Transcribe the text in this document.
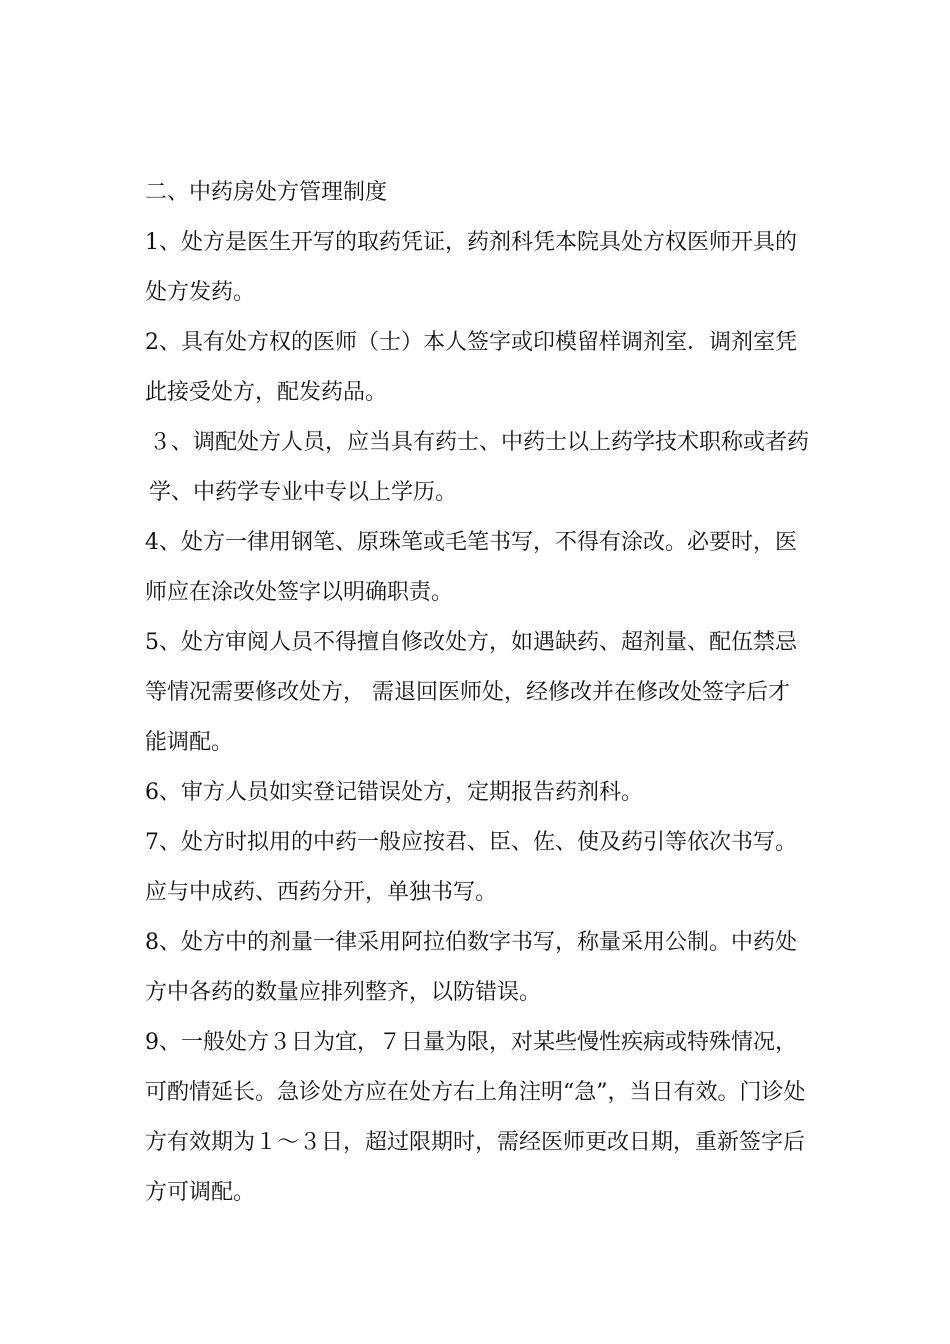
二、中药房处方管理制度

1、处方是医生开写的取药凭证，药剂科凭本院具处方权医师开具的处方发药。

2、具有处方权的医师（士）本人签字或印模留样调剂室．调剂室凭此接受处方，配发药品。

３、调配处方人员，应当具有药士、中药士以上药学技术职称或者药学、中药学专业中专以上学历。

4、处方一律用钢笔、原珠笔或毛笔书写，不得有涂改。必要时，医师应在涂改处签字以明确职责。

5、处方审阅人员不得擅自修改处方，如遇缺药、超剂量、配伍禁忌等情况需要修改处方， 需退回医师处，经修改并在修改处签字后才能调配。

6、审方人员如实登记错误处方，定期报告药剂科。

7、处方时拟用的中药一般应按君、臣、佐、使及药引等依次书写。应与中成药、西药分开，单独书写。

8、处方中的剂量一律采用阿拉伯数字书写，称量采用公制。中药处方中各药的数量应排列整齐，以防错误。

9、一般处方３日为宜，７日量为限，对某些慢性疾病或特殊情况，可酌情延长。急诊处方应在处方右上角注明“急”，当日有效。门诊处方有效期为１～３日，超过限期时，需经医师更改日期，重新签字后方可调配。
